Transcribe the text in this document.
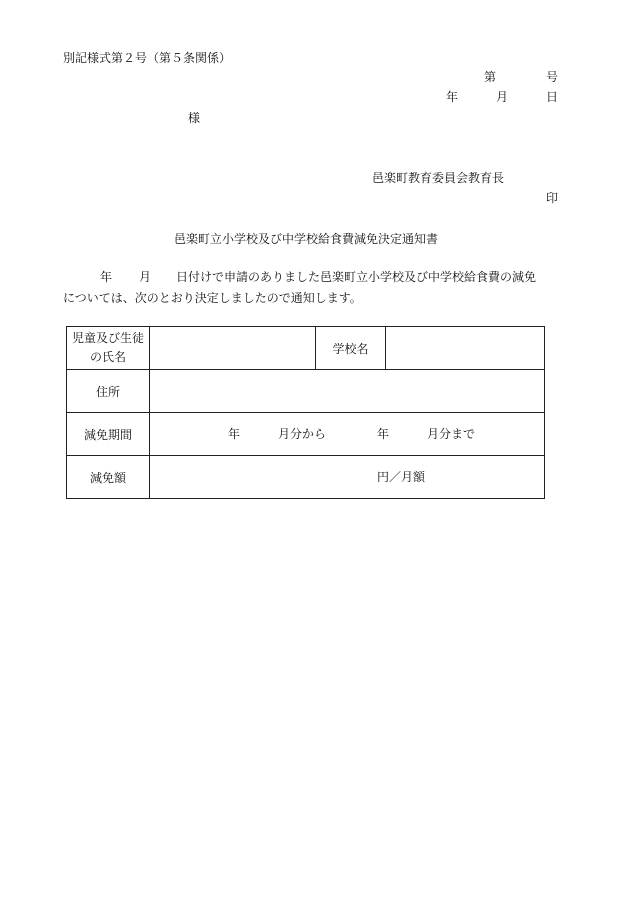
別記様式第２号（第５条関係）
第	号
年	月	日
様
邑楽町教育委員会教育長
印
邑楽町立小学校及び中学校給食費減免決定通知書
年 月 日付けで申請のありました邑楽町立小学校及び中学校給食費の減免
については、次のとおり決定しましたので通知します。
児童及び生徒
の氏名		学校名	
住所			
減免期間	年 月分から 年 月分まで		

減免額	円／月額		
